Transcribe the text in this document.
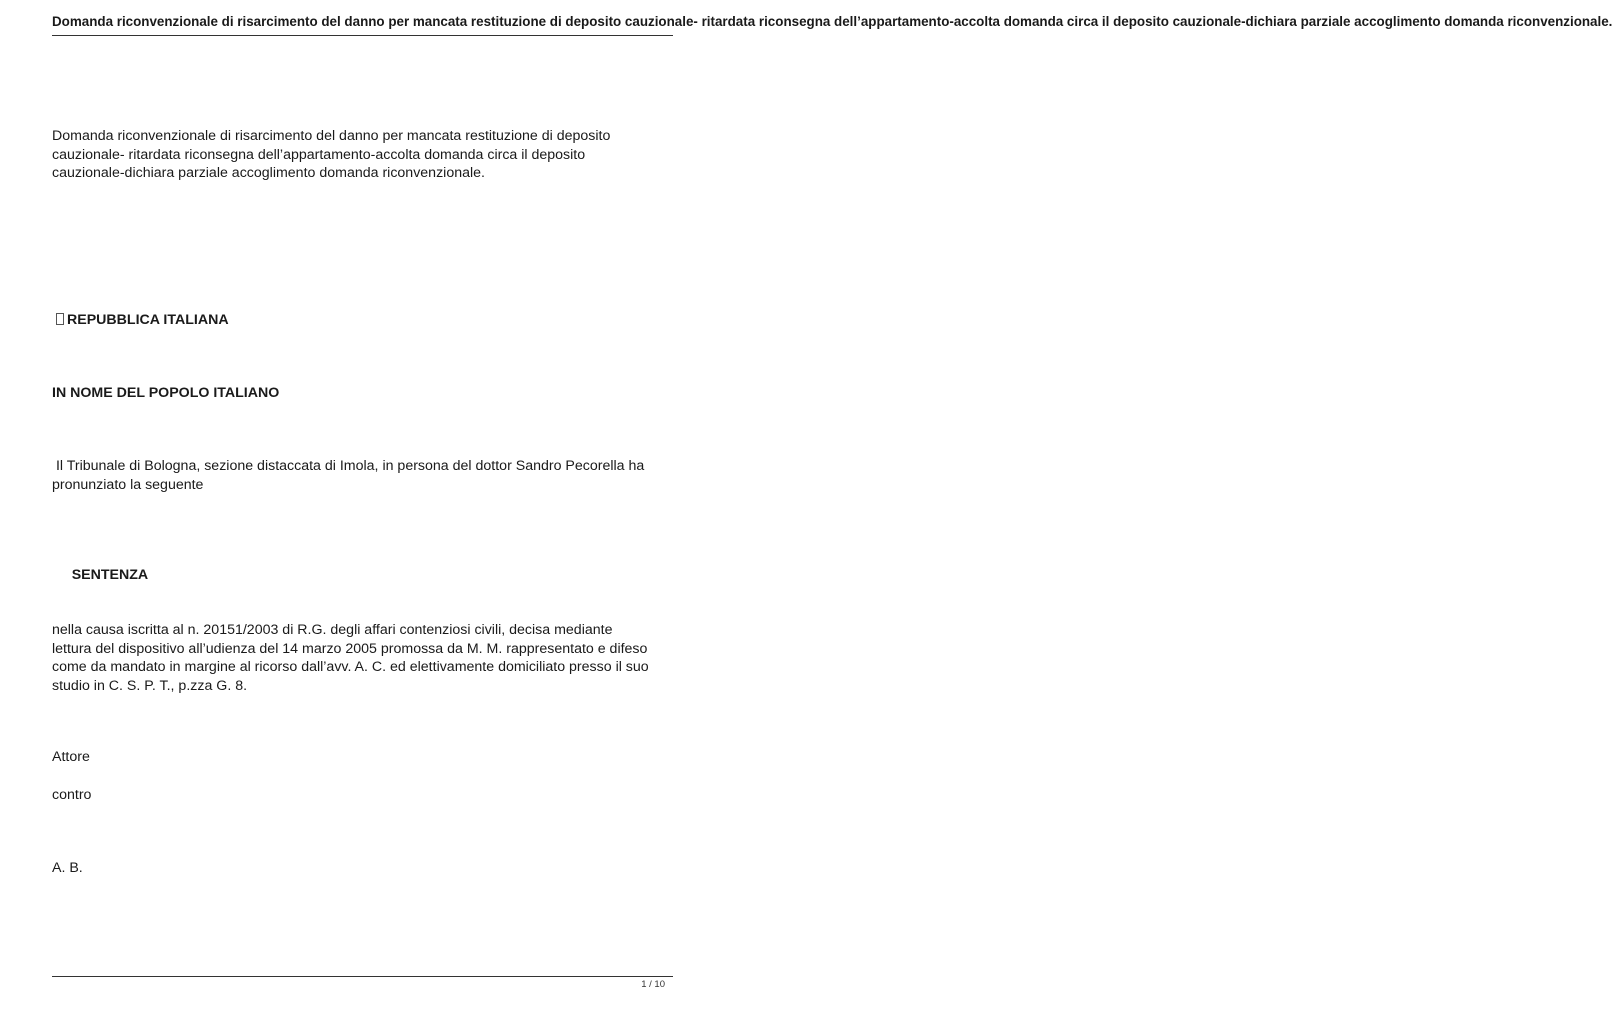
Domanda riconvenzionale di risarcimento del danno per mancata restituzione di deposito cauzionale- ritardata riconsegna dell’appartamento-accolta domanda circa il deposito cauzionale-dichiara parziale accoglimento domanda riconvenzionale.
Domanda riconvenzionale di risarcimento del danno per mancata restituzione di deposito
cauzionale- ritardata riconsegna dell’appartamento-accolta domanda circa il deposito
cauzionale-dichiara parziale accoglimento domanda riconvenzionale.
REPUBBLICA ITALIANA
IN NOME DEL POPOLO ITALIANO
Il Tribunale di Bologna, sezione distaccata di Imola, in persona del dottor Sandro Pecorella ha
pronunziato la seguente

SENTENZA

nella causa iscritta al n. 20151/2003 di R.G. degli affari contenziosi civili, decisa mediante
lettura del dispositivo all’udienza del 14 marzo 2005 promossa da M. M. rappresentato e difeso
come da mandato in margine al ricorso dall’avv. A. C. ed elettivamente domiciliato presso il suo
studio in C. S. P. T., p.zza G. 8.
Attore
contro
A. B.
1 / 10
